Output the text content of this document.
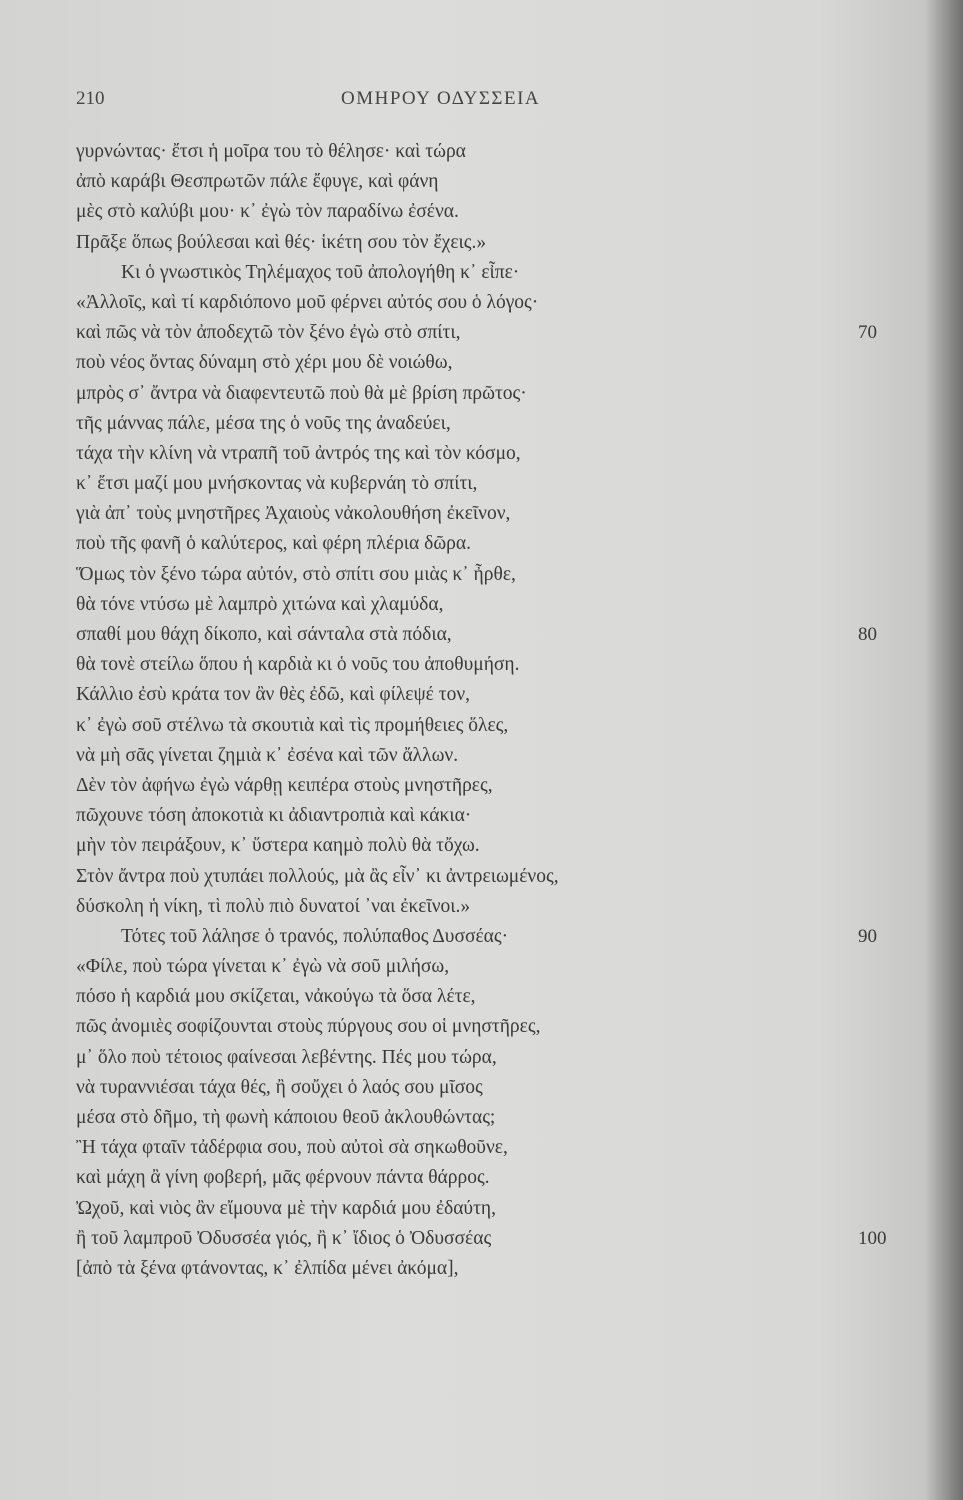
210	ΟΜΗΡΟΥ ΟΔΥΣΣΕΙΑ
γυρνώντας· ἔτσι ἡ μοῖρα του τὸ θέλησε· καὶ τώρα
ἀπὸ καράβι Θεσπρωτῶν πάλε ἔφυγε, καὶ φάνη
μὲς στὸ καλύβι μου· κ᾿ ἐγὼ τὸν παραδίνω ἐσένα.
Πρᾶξε ὅπως βούλεσαι καὶ θές· ἱκέτη σου τὸν ἔχεις.»
Κι ὁ γνωστικὸς Τηλέμαχος τοῦ ἀπολογήθη κ᾿ εἶπε·
«Ἀλλοῖς, καὶ τί καρδιόπονο μοῦ φέρνει αὐτός σου ὁ λόγος·
καὶ πῶς νὰ τὸν ἀποδεχτῶ τὸν ξένο ἐγὼ στὸ σπίτι,	70
ποὺ νέος ὄντας δύναμη στὸ χέρι μου δὲ νοιώθω,
μπρὸς σ᾿ ἄντρα νὰ διαφεντευτῶ ποὺ θὰ μὲ βρίση πρῶτος·
τῆς μάννας πάλε, μέσα της ὁ νοῦς της ἀναδεύει,
τάχα τὴν κλίνη νὰ ντραπῆ τοῦ ἀντρός της καὶ τὸν κόσμο,
κ᾿ ἔτσι μαζί μου μνήσκοντας νὰ κυβερνάη τὸ σπίτι,
γιὰ ἀπ᾿ τοὺς μνηστῆρες Ἀχαιοὺς νἀκολουθήση ἐκεῖνον,
ποὺ τῆς φανῆ ὁ καλύτερος, καὶ φέρη πλέρια δῶρα.
Ὅμως τὸν ξένο τώρα αὐτόν, στὸ σπίτι σου μιὰς κ᾿ ἦρθε,
θὰ τόνε ντύσω μὲ λαμπρὸ χιτώνα καὶ χλαμύδα,
σπαθί μου θάχη δίκοπο, καὶ σάνταλα στὰ πόδια,	80
θὰ τονὲ στείλω ὅπου ἡ καρδιὰ κι ὁ νοῦς του ἀποθυμήση.
Κάλλιο ἐσὺ κράτα τον ἂν θὲς ἐδῶ, καὶ φίλεψέ τον,
κ᾿ ἐγὼ σοῦ στέλνω τὰ σκουτιὰ καὶ τὶς προμήθειες ὅλες,
νὰ μὴ σᾶς γίνεται ζημιὰ κ᾿ ἐσένα καὶ τῶν ἄλλων.
Δὲν τὸν ἀφήνω ἐγὼ νάρθῃ κειπέρα στοὺς μνηστῆρες,
πῶχουνε τόση ἀποκοτιὰ κι ἀδιαντροπιὰ καὶ κάκια·
μὴν τὸν πειράξουν, κ᾿ ὕστερα καημὸ πολὺ θὰ τὄχω.
Στὸν ἄντρα ποὺ χτυπάει πολλούς, μὰ ἂς εἶν᾿ κι ἀντρειωμένος,
δύσκολη ἡ νίκη, τὶ πολὺ πιὸ δυνατοί ᾿ναι ἐκεῖνοι.»
Τότες τοῦ λάλησε ὁ τρανός, πολύπαθος Δυσσέας·	90
«Φίλε, ποὺ τώρα γίνεται κ᾿ ἐγὼ νὰ σοῦ μιλήσω,
πόσο ἡ καρδιά μου σκίζεται, νἀκούγω τὰ ὅσα λέτε,
πῶς ἀνομιὲς σοφίζουνται στοὺς πύργους σου οἱ μνηστῆρες,
μ᾿ ὅλο ποὺ τέτοιος φαίνεσαι λεβέντης. Πές μου τώρα,
νὰ τυραννιέσαι τάχα θές, ἢ σοὔχει ὁ λαός σου μῖσος
μέσα στὸ δῆμο, τὴ φωνὴ κάποιου θεοῦ ἀκλουθώντας;
Ἢ τάχα φταῖν τἀδέρφια σου, ποὺ αὐτοὶ σὰ σηκωθοῦνε,
καὶ μάχη ἂ γίνη φοβερή, μᾶς φέρνουν πάντα θάρρος.
Ὠχοῦ, καὶ νιὸς ἂν εἴμουνα μὲ τὴν καρδιά μου ἐδαύτη,
ἢ τοῦ λαμπροῦ Ὀδυσσέα γιός, ἢ κ᾿ ἴδιος ὁ Ὀδυσσέας	100
[ἀπὸ τὰ ξένα φτάνοντας, κ᾿ ἐλπίδα μένει ἀκόμα],
